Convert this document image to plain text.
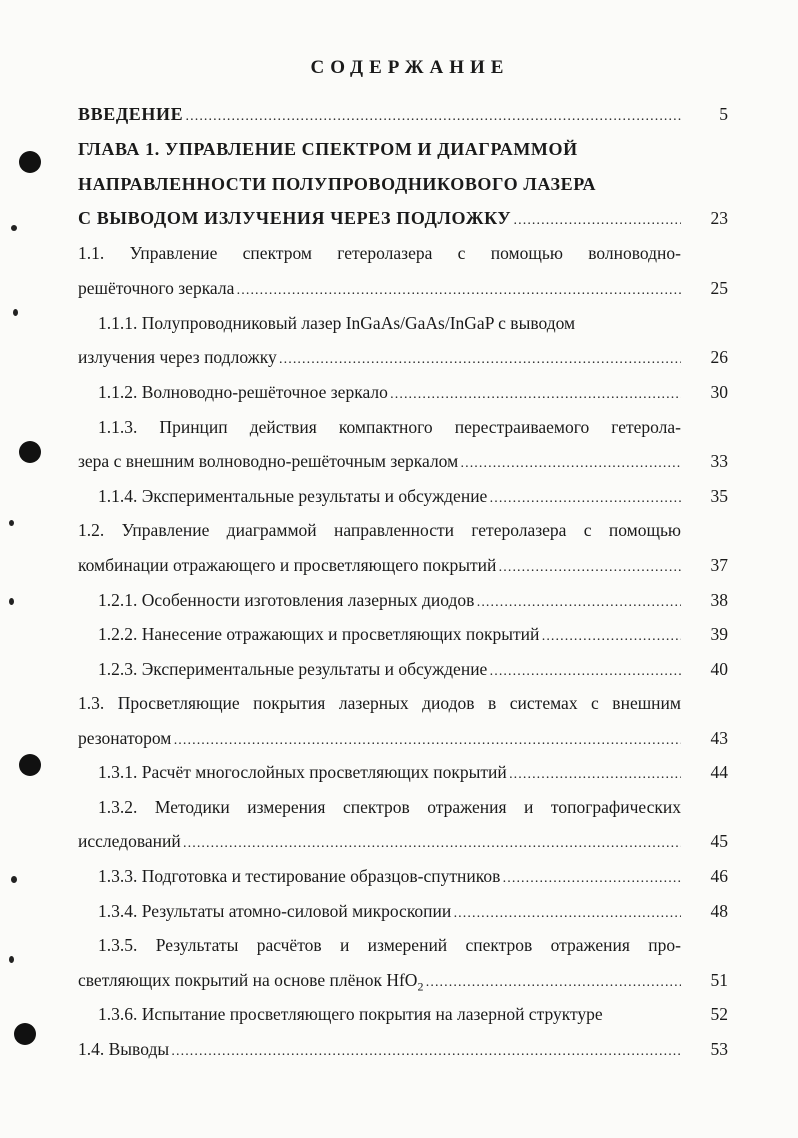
СОДЕРЖАНИЕ
ВВЕДЕНИЕ . . .	5
ГЛАВА 1. УПРАВЛЕНИЕ СПЕКТРОМ И ДИАГРАММОЙ
НАПРАВЛЕННОСТИ ПОЛУПРОВОДНИКОВОГО ЛАЗЕРА
С ВЫВОДОМ ИЗЛУЧЕНИЯ ЧЕРЕЗ ПОДЛОЖКУ . . .	23
1.1. Управление спектром гетеролазера с помощью волноводно-
решёточного зеркала . . .	25
1.1.1. Полупроводниковый лазер InGaAs/GaAs/InGaP с выводом
излучения через подложку . . .	26
1.1.2. Волноводно-решёточное зеркало . . .	30
1.1.3. Принцип действия компактного перестраиваемого гетерола-
зера с внешним волноводно-решёточным зеркалом . . .	33
1.1.4. Экспериментальные результаты и обсуждение . . .	35
1.2. Управление диаграммой направленности гетеролазера с помощью
комбинации отражающего и просветляющего покрытий . . .	37
1.2.1. Особенности изготовления лазерных диодов . . .	38
1.2.2. Нанесение отражающих и просветляющих покрытий . . .	39
1.2.3. Экспериментальные результаты и обсуждение . . .	40
1.3. Просветляющие покрытия лазерных диодов в системах с внешним
резонатором . . .	43
1.3.1. Расчёт многослойных просветляющих покрытий . . .	44
1.3.2. Методики измерения спектров отражения и топографических
исследований . . .	45
1.3.3. Подготовка и тестирование образцов-спутников . . .	46
1.3.4. Результаты атомно-силовой микроскопии . . .	48
1.3.5. Результаты расчётов и измерений спектров отражения про-
светляющих покрытий на основе плёнок HfO$_2$ . . .	51
1.3.6. Испытание просветляющего покрытия на лазерной структуре	52
1.4. Выводы . . .	53
